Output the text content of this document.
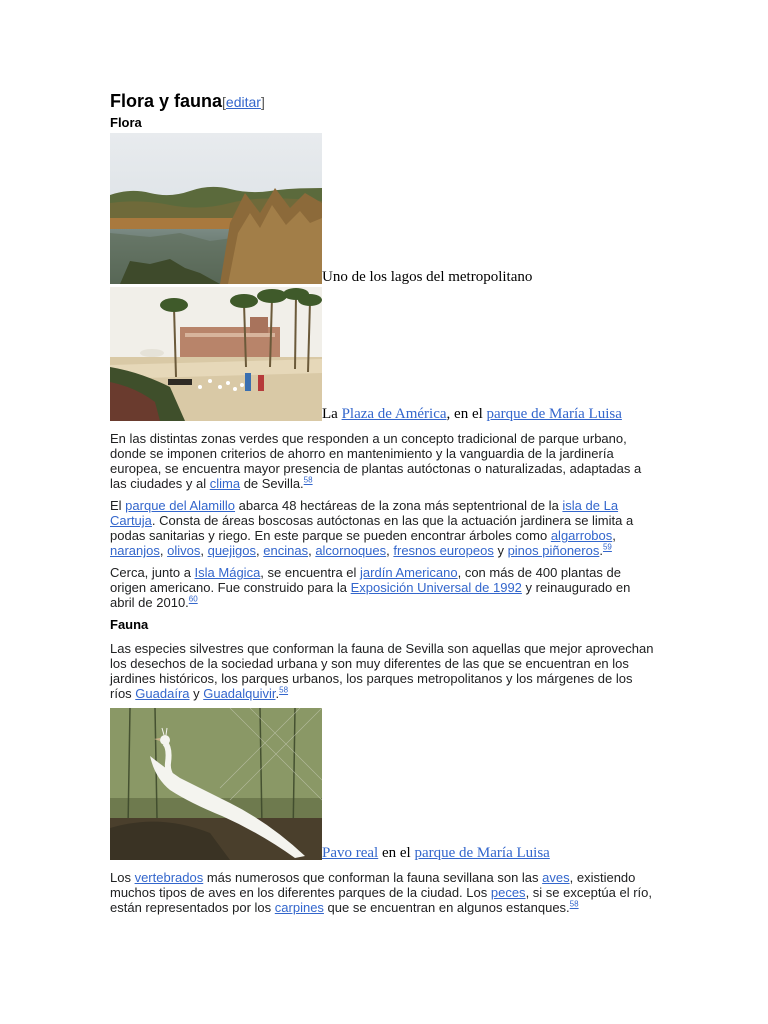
Flora y fauna[editar]
Flora
Uno de los lagos del metropolitano
La Plaza de América, en el parque de María Luisa

En las distintas zonas verdes que responden a un concepto tradicional de parque urbano, donde se imponen criterios de ahorro en mantenimiento y la vanguardia de la jardinería europea, se encuentra mayor presencia de plantas autóctonas o naturalizadas, adaptadas a las ciudades y al clima de Sevilla.$^{58}$

El parque del Alamillo abarca 48 hectáreas de la zona más septentrional de la isla de La Cartuja. Consta de áreas boscosas autóctonas en las que la actuación jardinera se limita a podas sanitarias y riego. En este parque se pueden encontrar árboles como algarrobos, naranjos, olivos, quejigos, encinas, alcornoques, fresnos europeos y pinos piñoneros.$^{59}$

Cerca, junto a Isla Mágica, se encuentra el jardín Americano, con más de 400 plantas de origen americano. Fue construido para la Exposición Universal de 1992 y reinaugurado en abril de 2010.60

Fauna

Las especies silvestres que conforman la fauna de Sevilla son aquellas que mejor aprovechan los desechos de la sociedad urbana y son muy diferentes de las que se encuentran en los jardines históricos, los parques urbanos, los parques metropolitanos y los márgenes de los ríos Guadaíra y Guadalquivir.$^{58}$

Pavo real en el parque de María Luisa

Los vertebrados más numerosos que conforman la fauna sevillana son las aves, existiendo muchos tipos de aves en los diferentes parques de la ciudad. Los peces, si se exceptúa el río, están representados por los carpines que se encuentran en algunos estanques.$^{58}$
